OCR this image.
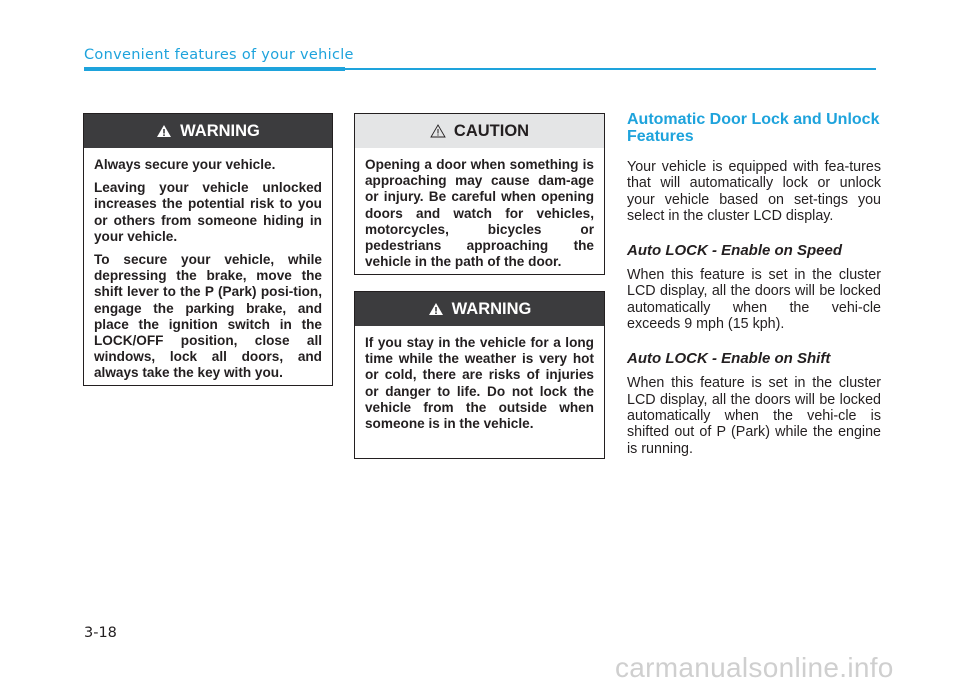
Convenient features of your vehicle
WARNING

Always secure your vehicle.

Leaving your vehicle unlocked increases the potential risk to you or others from someone hiding in your vehicle.

To secure your vehicle, while depressing the brake, move the shift lever to the P (Park) posi-tion, engage the parking brake, and place the ignition switch in the LOCK/OFF position, close all windows, lock all doors, and always take the key with you.

CAUTION

Opening a door when something is approaching may cause dam-age or injury. Be careful when opening doors and watch for vehicles, motorcycles, bicycles or pedestrians approaching the vehicle in the path of the door.

WARNING

If you stay in the vehicle for a long time while the weather is very hot or cold, there are risks of injuries or danger to life. Do not lock the vehicle from the outside when someone is in the vehicle.

Automatic Door Lock and Unlock Features

Your vehicle is equipped with fea-tures that will automatically lock or unlock your vehicle based on set-tings you select in the cluster LCD display.

Auto LOCK - Enable on Speed

When this feature is set in the cluster LCD display, all the doors will be locked automatically when the vehi-cle exceeds 9 mph (15 kph).

Auto LOCK - Enable on Shift

When this feature is set in the cluster LCD display, all the doors will be locked automatically when the vehi-cle is shifted out of P (Park) while the engine is running.

3-18
carmanualsonline.info
